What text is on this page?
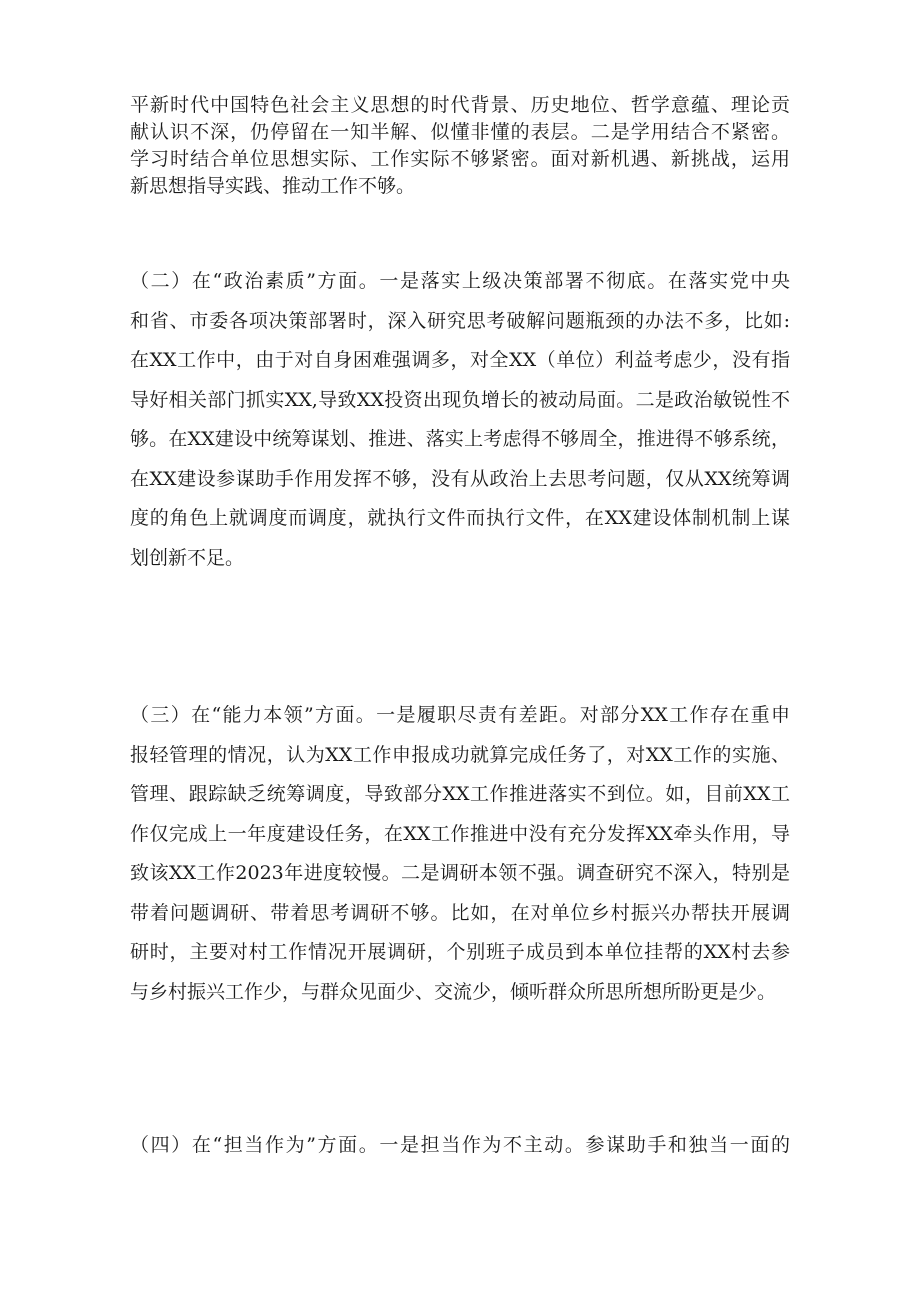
平新时代中国特色社会主义思想的时代背景、历史地位、哲学意蕴、理论贡
献认识不深，仍停留在一知半解、似懂非懂的表层。二是学用结合不紧密。
学习时结合单位思想实际、工作实际不够紧密。面对新机遇、新挑战，运用
新思想指导实践、推动工作不够。

（二）在“政治素质”方面。一是落实上级决策部署不彻底。在落实党中央
和省、市委各项决策部署时，深入研究思考破解问题瓶颈的办法不多，比如:
在XX工作中，由于对自身困难强调多，对全XX（单位）利益考虑少，没有指
导好相关部门抓实XX,导致XX投资出现负增长的被动局面。二是政治敏锐性不
够。在XX建设中统筹谋划、推进、落实上考虑得不够周全，推进得不够系统，
在XX建设参谋助手作用发挥不够，没有从政治上去思考问题，仅从XX统筹调
度的角色上就调度而调度，就执行文件而执行文件，在XX建设体制机制上谋
划创新不足。

（三）在“能力本领”方面。一是履职尽责有差距。对部分XX工作存在重申
报轻管理的情况，认为XX工作申报成功就算完成任务了，对XX工作的实施、
管理、跟踪缺乏统筹调度，导致部分XX工作推进落实不到位。如，目前XX工
作仅完成上一年度建设任务，在XX工作推进中没有充分发挥XX牵头作用，导
致该XX工作2023年进度较慢。二是调研本领不强。调查研究不深入，特别是
带着问题调研、带着思考调研不够。比如，在对单位乡村振兴办帮扶开展调
研时，主要对村工作情况开展调研，个别班子成员到本单位挂帮的XX村去参
与乡村振兴工作少，与群众见面少、交流少，倾听群众所思所想所盼更是少。

（四）在“担当作为”方面。一是担当作为不主动。参谋助手和独当一面的
